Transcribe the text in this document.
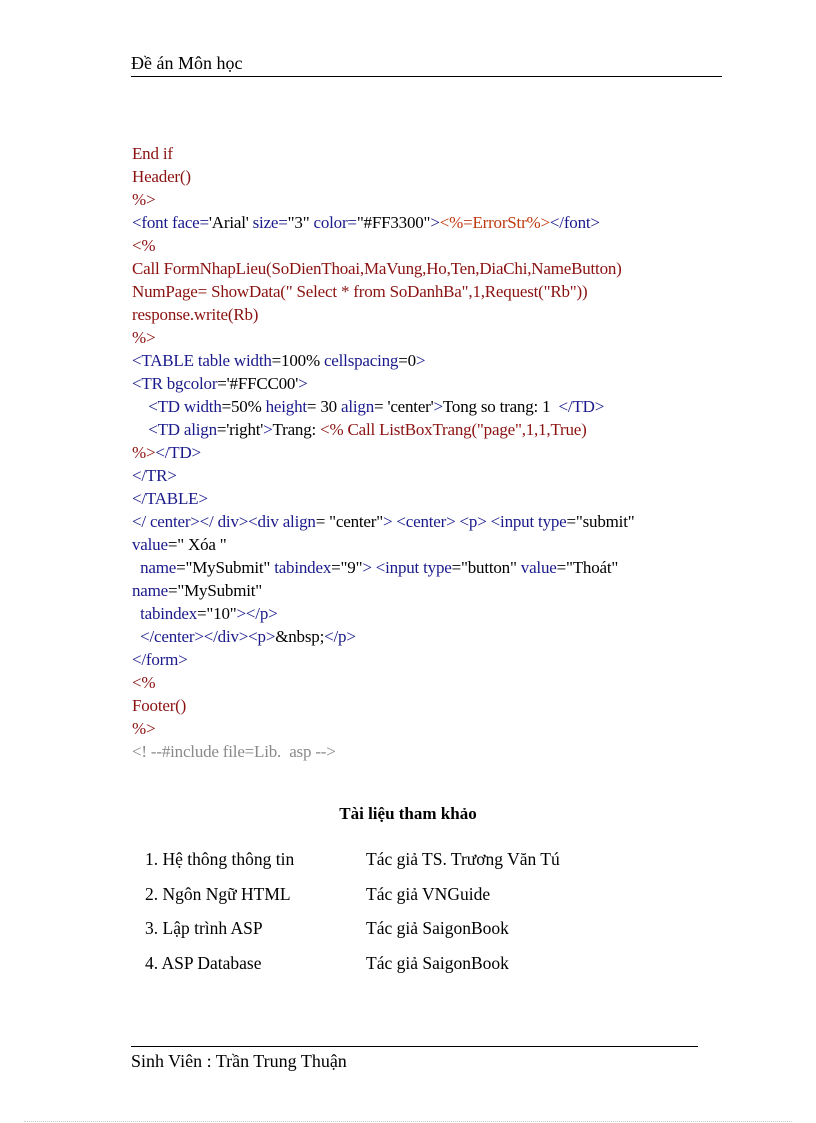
Đề án Môn học
End if
Header()
%>
<font face='Arial' size="3" color="#FF3300"><%=ErrorStr%></font>
<%
Call FormNhapLieu(SoDienThoai,MaVung,Ho,Ten,DiaChi,NameButton)
NumPage= ShowData(" Select * from SoDanhBa",1,Request("Rb"))
response.write(Rb)
%>
<TABLE table width=100% cellspacing=0>
<TR bgcolor='#FFCC00'>
<TD width=50% height= 30 align= 'center'>Tong so trang: 1 </TD>
<TD align='right'>Trang: <% Call ListBoxTrang("page",1,1,True)
%></TD>
</TR>
</TABLE>
</ center></ div><div align= "center"> <center> <p> <input type="submit"
value=" Xóa "
name="MySubmit" tabindex="9"> <input type="button" value="Thoát"
name="MySubmit"
tabindex="10"></p>
</center></div><p>&nbsp;</p>
</form>
<%
Footer()
%>
<! --#include file=Lib.  asp -->
Tài liệu tham khảo
1. Hệ thông thông tin	Tác giả TS. Trương Văn Tú
2. Ngôn Ngữ HTML	Tác giả VNGuide
3. Lập trình ASP	Tác giả SaigonBook
4. ASP Database	Tác giả SaigonBook
Sinh Viên : Trần Trung Thuận
